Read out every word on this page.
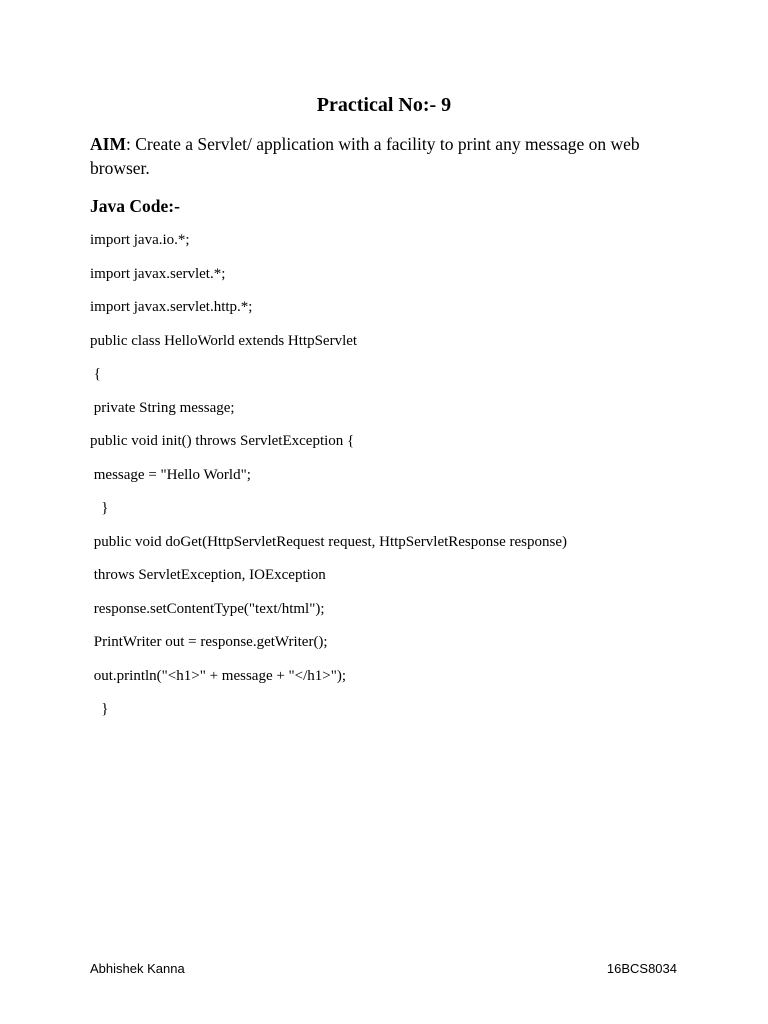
Practical No:- 9
AIM: Create a Servlet/ application with a facility to print any message on web browser.
Java Code:-
import java.io.*;
import javax.servlet.*;
import javax.servlet.http.*;
public class HelloWorld extends HttpServlet
{
private String message;
public void init() throws ServletException {
message = "Hello World";
}
public void doGet(HttpServletRequest request, HttpServletResponse response)
throws ServletException, IOException
response.setContentType("text/html");
PrintWriter out = response.getWriter();
out.println("<h1>" + message + "</h1>");
}
Abhishek Kanna	16BCS8034
